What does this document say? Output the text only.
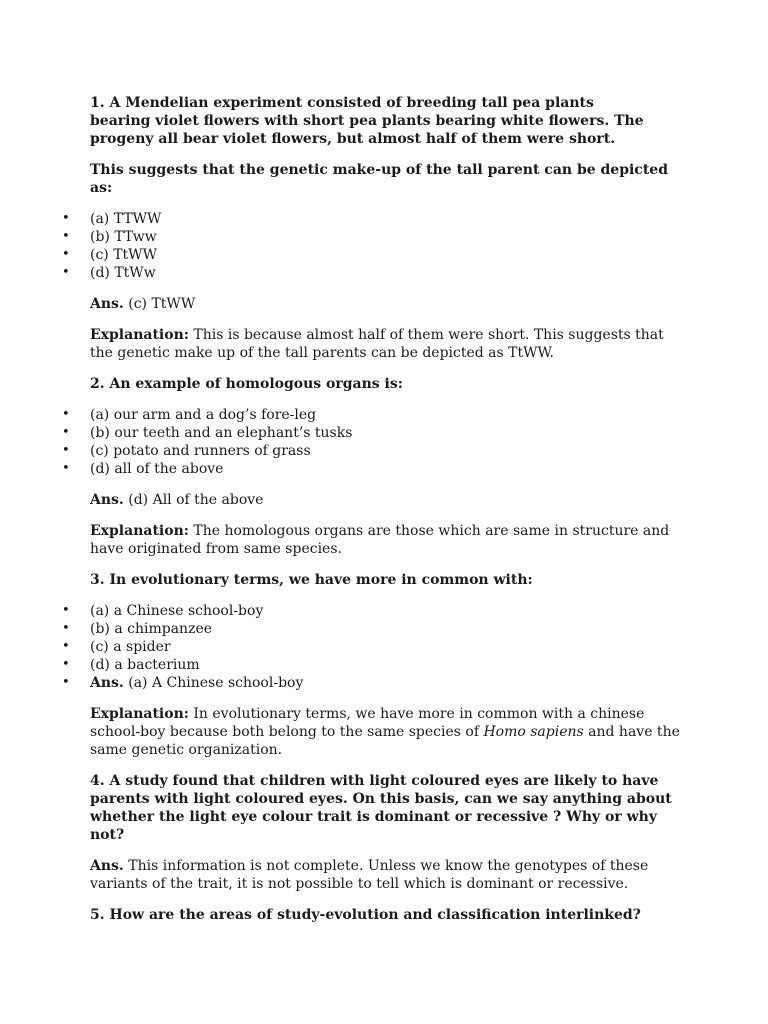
1. A Mendelian experiment consisted of breeding tall pea plants bearing violet flowers with short pea plants bearing white flowers. The progeny all bear violet flowers, but almost half of them were short.

This suggests that the genetic make-up of the tall parent can be depicted as:

• (a) TTWW
• (b) TTww
• (c) TtWW
• (d) TtWw

Ans. (c) TtWW

Explanation: This is because almost half of them were short. This suggests that the genetic make up of the tall parents can be depicted as TtWW.

2. An example of homologous organs is:

• (a) our arm and a dog’s fore-leg
• (b) our teeth and an elephant’s tusks
• (c) potato and runners of grass
• (d) all of the above

Ans. (d) All of the above

Explanation: The homologous organs are those which are same in structure and have originated from same species.

3. In evolutionary terms, we have more in common with:

• (a) a Chinese school-boy
• (b) a chimpanzee
• (c) a spider
• (d) a bacterium
• Ans. (a) A Chinese school-boy

Explanation: In evolutionary terms, we have more in common with a chinese school-boy because both belong to the same species of Homo sapiens and have the same genetic organization.

4. A study found that children with light coloured eyes are likely to have parents with light coloured eyes. On this basis, can we say anything about whether the light eye colour trait is dominant or recessive ? Why or why not?

Ans. This information is not complete. Unless we know the genotypes of these variants of the trait, it is not possible to tell which is dominant or recessive.

5. How are the areas of study-evolution and classification interlinked?
